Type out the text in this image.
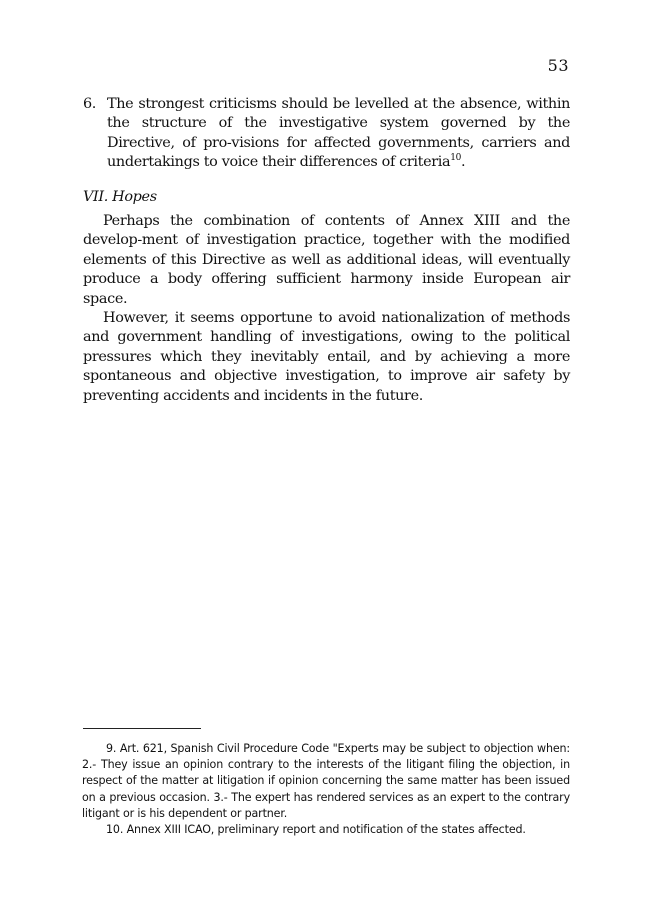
53
6. The strongest criticisms should be levelled at the absence, within the structure of the investigative system governed by the Directive, of pro-visions for affected governments, carriers and undertakings to voice their differences of criteria$^{10}$.
VII. Hopes

Perhaps the combination of contents of Annex XIII and the develop-ment of investigation practice, together with the modified elements of this Directive as well as additional ideas, will eventually produce a body offering sufficient harmony inside European air space.

However, it seems opportune to avoid nationalization of methods and government handling of investigations, owing to the political pressures which they inevitably entail, and by achieving a more spontaneous and objective investigation, to improve air safety by preventing accidents and incidents in the future.

9. Art. 621, Spanish Civil Procedure Code "Experts may be subject to objection when: 2.- They issue an opinion contrary to the interests of the litigant filing the objection, in respect of the matter at litigation if opinion concerning the same matter has been issued on a previous occasion. 3.- The expert has rendered services as an expert to the contrary litigant or is his dependent or partner.
10. Annex XIII ICAO, preliminary report and notification of the states affected.
